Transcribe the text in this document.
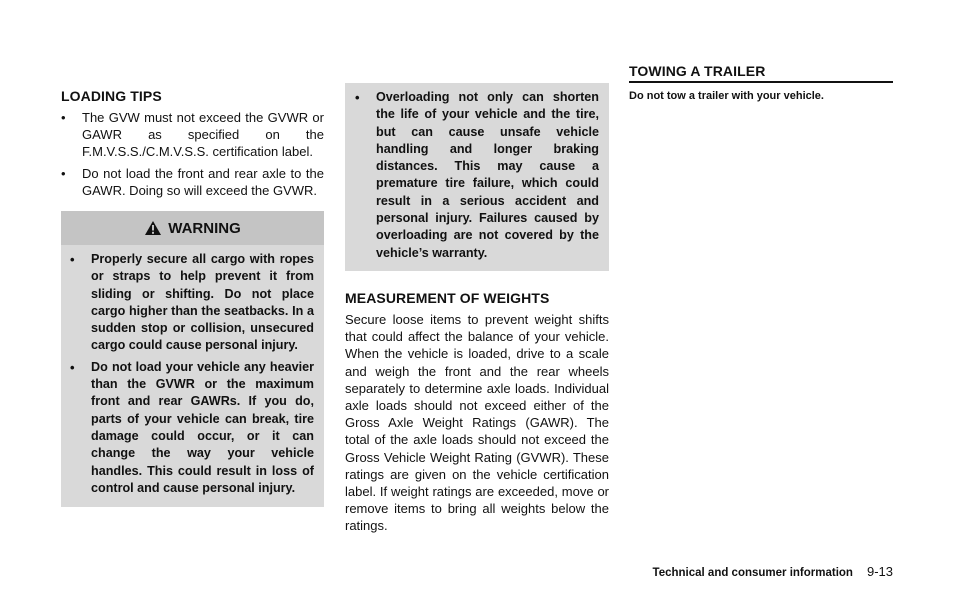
LOADING TIPS
• The GVW must not exceed the GVWR or GAWR as specified on the F.M.V.S.S./C.M.V.S.S. certification label.
• Do not load the front and rear axle to the GAWR. Doing so will exceed the GVWR.
WARNING
• Properly secure all cargo with ropes or straps to help prevent it from sliding or shifting. Do not place cargo higher than the seatbacks. In a sudden stop or collision, unsecured cargo could cause personal injury.
• Do not load your vehicle any heavier than the GVWR or the maximum front and rear GAWRs. If you do, parts of your vehicle can break, tire damage could occur, or it can change the way your vehicle handles. This could result in loss of control and cause personal injury.
• Overloading not only can shorten the life of your vehicle and the tire, but can cause unsafe vehicle handling and longer braking distances. This may cause a premature tire failure, which could result in a serious accident and personal injury. Failures caused by overloading are not covered by the vehicle’s warranty.
MEASUREMENT OF WEIGHTS

Secure loose items to prevent weight shifts that could affect the balance of your vehicle. When the vehicle is loaded, drive to a scale and weigh the front and the rear wheels separately to determine axle loads. Individual axle loads should not exceed either of the Gross Axle Weight Ratings (GAWR). The total of the axle loads should not exceed the Gross Vehicle Weight Rating (GVWR). These ratings are given on the vehicle certification label. If weight ratings are exceeded, move or remove items to bring all weights below the ratings.

TOWING A TRAILER

Do not tow a trailer with your vehicle.

Technical and consumer information 9-13
